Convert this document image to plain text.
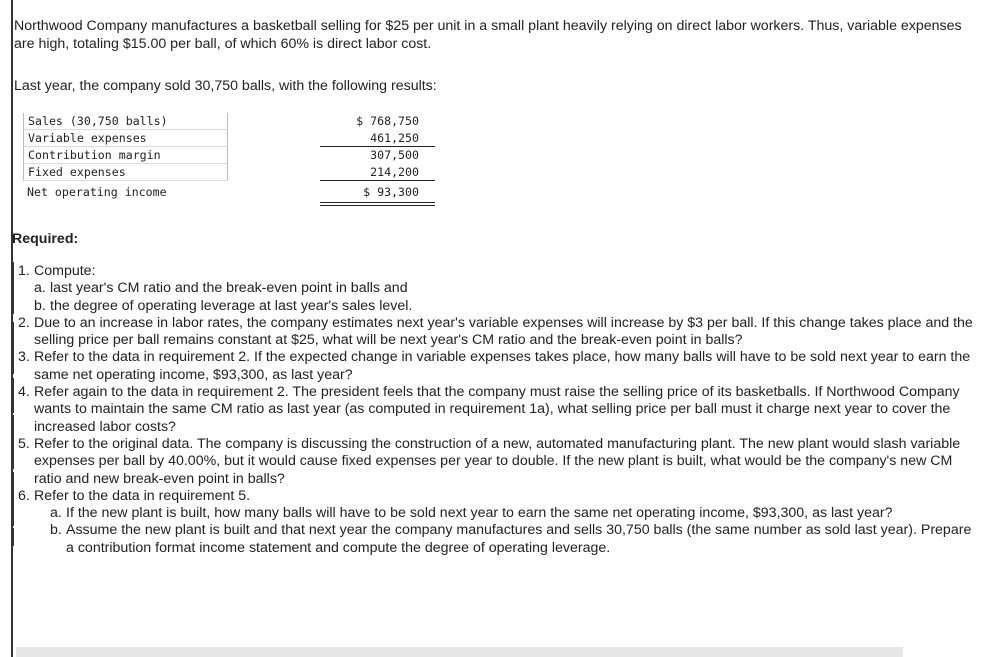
Northwood Company manufactures a basketball selling for $25 per unit in a small plant heavily relying on direct labor workers. Thus, variable expenses are high, totaling $15.00 per ball, of which 60% is direct labor cost.

Last year, the company sold 30,750 balls, with the following results:

Sales (30,750 balls)	$ 768,750
Variable expenses	461,250
Contribution margin	307,500
Fixed expenses	214,200
Net operating income	$ 93,300

Required:

1. Compute:
a. last year's CM ratio and the break-even point in balls and
b. the degree of operating leverage at last year's sales level.
2. Due to an increase in labor rates, the company estimates next year's variable expenses will increase by $3 per ball. If this change takes place and the selling price per ball remains constant at $25, what will be next year's CM ratio and the break-even point in balls?
3. Refer to the data in requirement 2. If the expected change in variable expenses takes place, how many balls will have to be sold next year to earn the same net operating income, $93,300, as last year?
4. Refer again to the data in requirement 2. The president feels that the company must raise the selling price of its basketballs. If Northwood Company wants to maintain the same CM ratio as last year (as computed in requirement 1a), what selling price per ball must it charge next year to cover the increased labor costs?
5. Refer to the original data. The company is discussing the construction of a new, automated manufacturing plant. The new plant would slash variable expenses per ball by 40.00%, but it would cause fixed expenses per year to double. If the new plant is built, what would be the company's new CM ratio and new break-even point in balls?
6. Refer to the data in requirement 5.
a. If the new plant is built, how many balls will have to be sold next year to earn the same net operating income, $93,300, as last year?
b. Assume the new plant is built and that next year the company manufactures and sells 30,750 balls (the same number as sold last year). Prepare a contribution format income statement and compute the degree of operating leverage.
